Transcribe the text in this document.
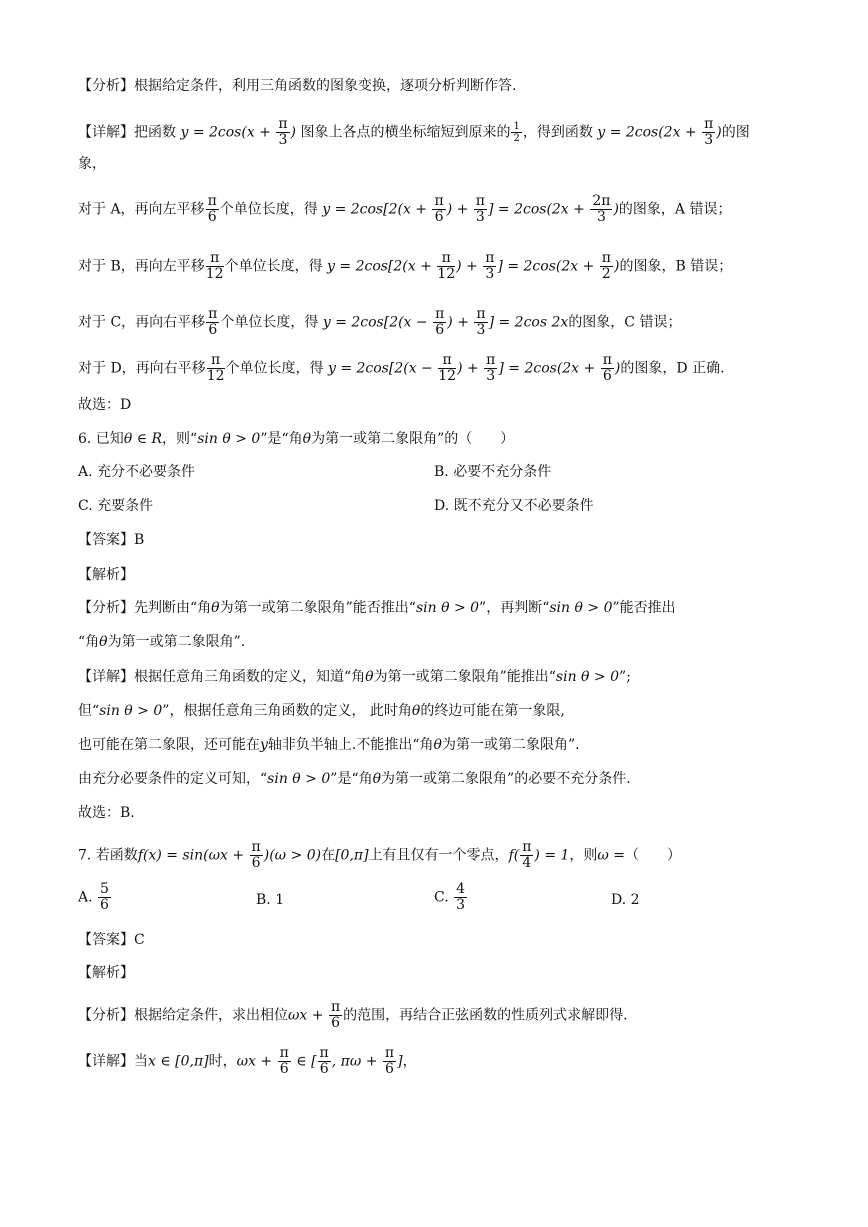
【分析】根据给定条件，利用三角函数的图象变换，逐项分析判断作答.
【详解】把函数 $y = 2\cos(x + \frac{\pi}{3}$ ) 图象上各点的横坐标缩短到原来的 $\frac{1}{2}$ ，得到函数 $y = 2\cos(2x + \frac{\pi}{3}$ )的图
象，
对于 A，再向左平移 $\frac{\pi}{6}$ 个单位长度，得 $y = 2\cos[2(x + \frac{\pi}{6}$ ) + $\frac{\pi}{3}$ ] = $2\cos(2x + \frac{2\pi}{3}$ )的图象，A 错误；
对于 B，再向左平移 $\frac{\pi}{12}$ 个单位长度，得 $y = 2\cos[2(x + \frac{\pi}{12}$ ) + $\frac{\pi}{3}$ ] = $2\cos(2x + \frac{\pi}{2}$ )的图象，B 错误；
对于 C，再向右平移 $\frac{\pi}{6}$ 个单位长度，得 $y = 2\cos[2(x - \frac{\pi}{6}$ ) + $\frac{\pi}{3}$ ] = 2cos 2x的图象，C 错误；
对于 D，再向右平移 $\frac{\pi}{12}$ 个单位长度，得 $y = 2\cos[2(x - \frac{\pi}{12}$ ) + $\frac{\pi}{3}$ ] = $2\cos(2x + \frac{\pi}{6}$ )的图象，D 正确.
故选：D
6. 已知θ ∈ R，则“sin θ > 0”是“角θ为第一或第二象限角”的（　　）
A. 充分不必要条件	B. 必要不充分条件
C. 充要条件	D. 既不充分又不必要条件
【答案】B
【解析】
【分析】先判断由“角θ为第一或第二象限角”能否推出“sin θ > 0”，再判断“sin θ > 0”能否推出
“角θ为第一或第二象限角”.
【详解】根据任意角三角函数的定义，知道“角θ为第一或第二象限角”能推出“sin θ > 0”;
但“sin θ > 0”，根据任意角三角函数的定义， 此时角θ的终边可能在第一象限,
也可能在第二象限，还可能在y轴非负半轴上.不能推出“角θ为第一或第二象限角”.
由充分必要条件的定义可知，“sin θ > 0”是“角θ为第一或第二象限角”的必要不充分条件.
故选：B.
7. 若函数$f(x) = \sin(\omega x + \frac{\pi}{6} )(\omega > 0)$在[0,π]上有且仅有一个零点，$f( \frac{\pi}{4}$ ) = 1，则ω =（　　）
A. $\frac{5}{6}$	B. 1	C. $\frac{4}{3}$	D. 2
【答案】C
【解析】
【分析】根据给定条件，求出相位$\omega x + \frac{\pi}{6}$ 的范围，再结合正弦函数的性质列式求解即得.
【详解】当x ∈ [0,π]时，$\omega x + \frac{\pi}{6}$ ∈ [ $\frac{\pi}{6}$ , $\pi\omega + \frac{\pi}{6}$ ]，
